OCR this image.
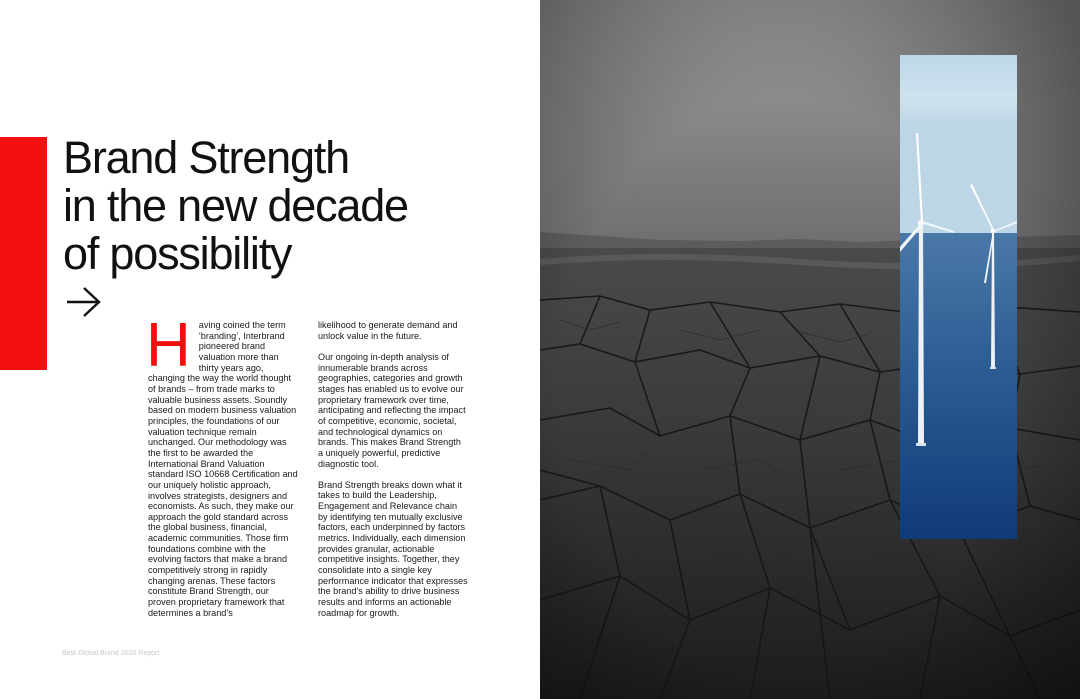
Brand Strength
in the new decade
of possibility
H aving coined the term ‘branding’, Interbrand pioneered brand valuation more than thirty years ago, changing the way the world thought of brands – from trade marks to valuable business assets. Soundly based on modern business valuation principles, the foundations of our valuation technique remain unchanged. Our methodology was the first to be awarded the International Brand Valuation standard ISO 10668 Certification and our uniquely holistic approach, involves strategists, designers and economists. As such, they make our approach the gold standard across the global business, financial, academic communities. Those firm foundations combine with the evolving factors that make a brand competitively strong in rapidly changing arenas. These factors constitute Brand Strength, our proven proprietary framework that determines a brand’s

likelihood to generate demand and unlock value in the future.

Our ongoing in-depth analysis of innumerable brands across geographies, categories and growth stages has enabled us to evolve our proprietary framework over time, anticipating and reflecting the impact of competitive, economic, societal, and technological dynamics on brands. This makes Brand Strength a uniquely powerful, predictive diagnostic tool.

Brand Strength breaks down what it takes to build the Leadership, Engagement and Relevance chain by identifying ten mutually exclusive factors, each underpinned by factors metrics. Individually, each dimension provides granular, actionable competitive insights. Together, they consolidate into a single key performance indicator that expresses the brand’s ability to drive business results and informs an actionable roadmap for growth.

Best Global Brand 2020 Report
